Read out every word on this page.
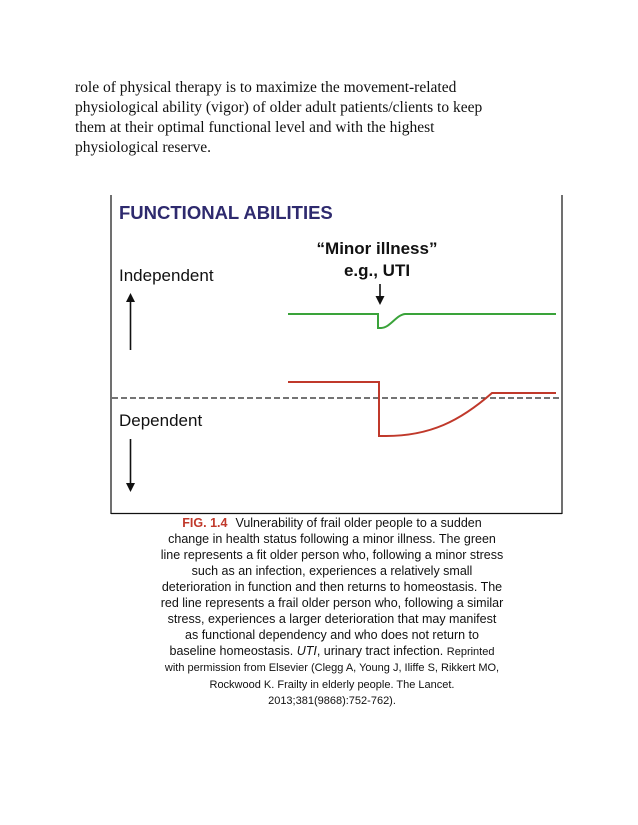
role of physical therapy is to maximize the movement-related
physiological ability (vigor) of older adult patients/clients to keep
them at their optimal functional level and with the highest
physiological reserve.
FUNCTIONAL ABILITIES
“Minor illness”
e.g., UTI
Independent
Dependent
FIG. 1.4 Vulnerability of frail older people to a sudden
change in health status following a minor illness. The green
line represents a fit older person who, following a minor stress
such as an infection, experiences a relatively small
deterioration in function and then returns to homeostasis. The
red line represents a frail older person who, following a similar
stress, experiences a larger deterioration that may manifest
as functional dependency and who does not return to
baseline homeostasis. UTI, urinary tract infection. Reprinted
with permission from Elsevier (Clegg A, Young J, Iliffe S, Rikkert MO,
Rockwood K. Frailty in elderly people. The Lancet.
2013;381(9868):752-762).
